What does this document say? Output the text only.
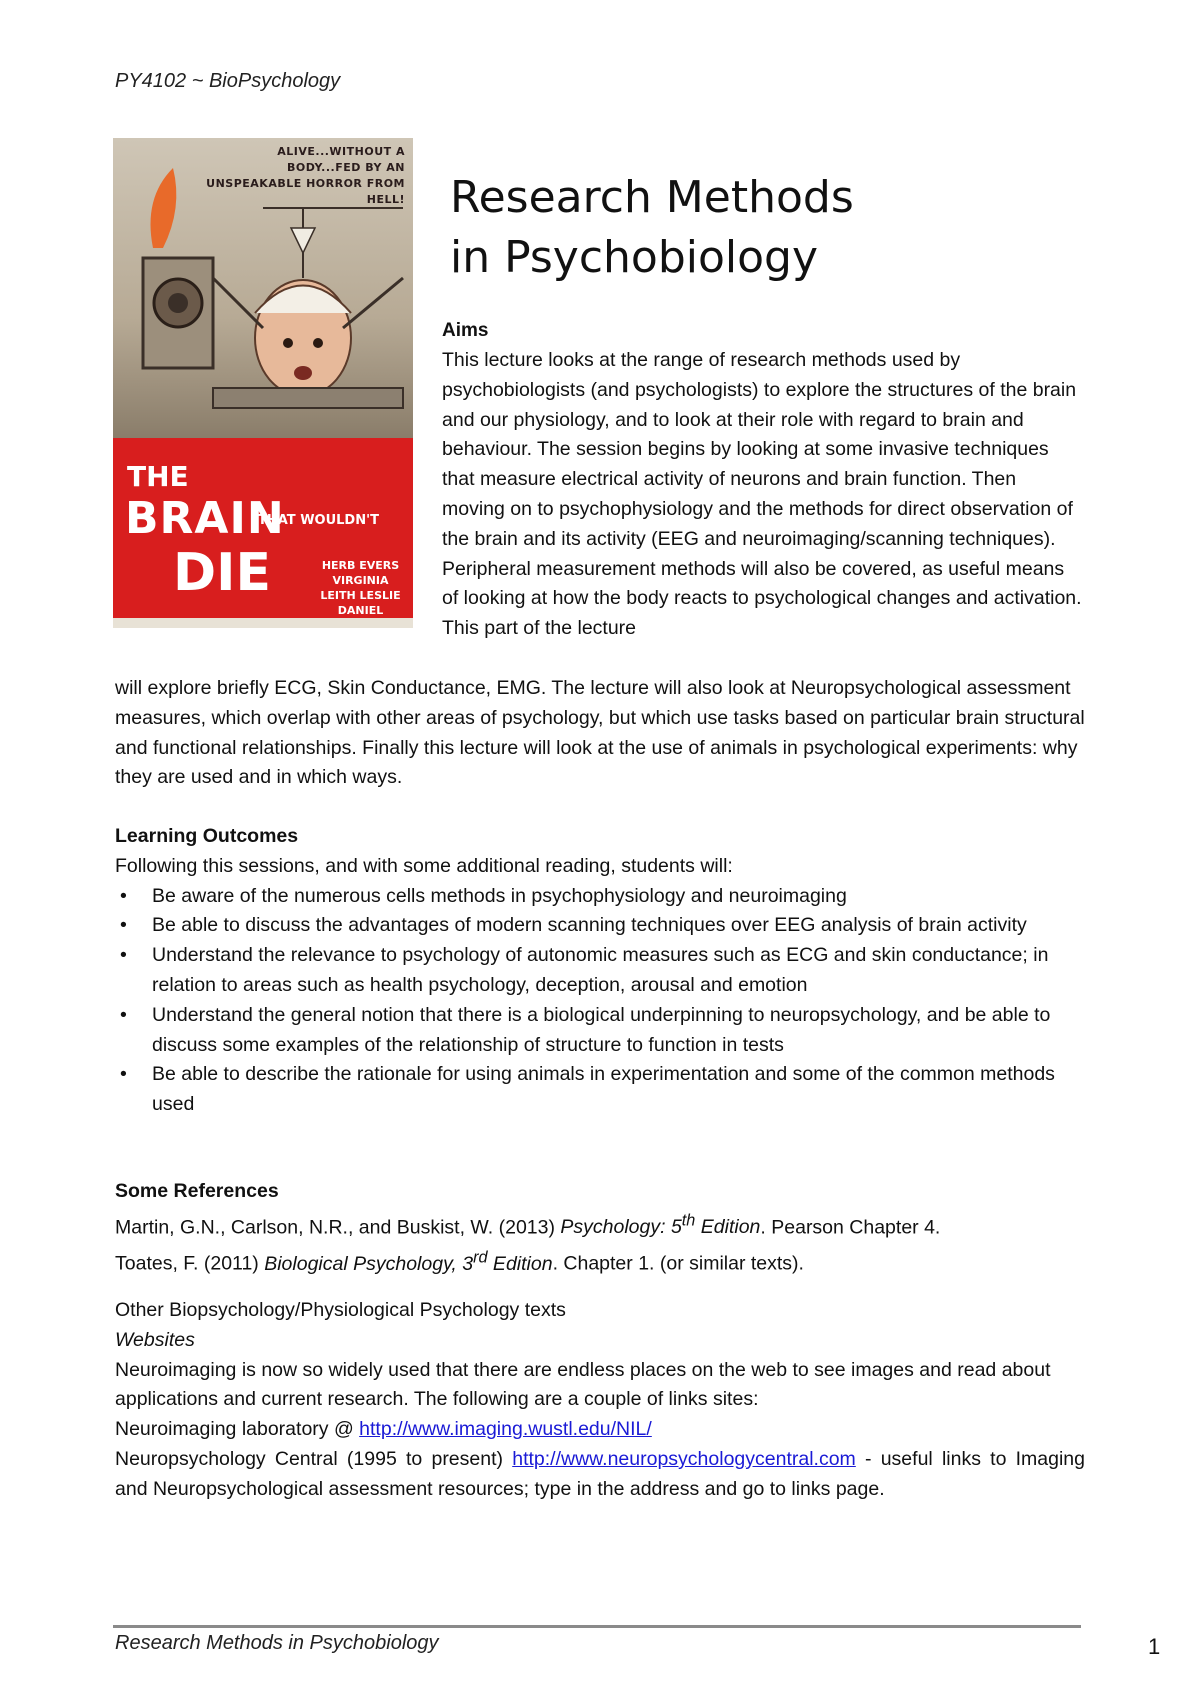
PY4102 ~ BioPsychology
ALIVE...WITHOUT A BODY...FED BY AN UNSPEAKABLE HORROR FROM HELL!
THE
BRAIN
THAT WOULDN'T
DIE	HERB EVERS VIRGINIA LEITH LESLIE DANIEL
Research Methods
in Psychobiology
Aims
This lecture looks at the range of research methods used by psychobiologists (and psychologists) to explore the structures of the brain and our physiology, and to look at their role with regard to brain and behaviour. The session begins by looking at some invasive techniques that measure electrical activity of neurons and brain function. Then moving on to psychophysiology and the methods for direct observation of the brain and its activity (EEG and neuroimaging/scanning techniques). Peripheral measurement methods will also be covered, as useful means of looking at how the body reacts to psychological changes and activation. This part of the lecture
will explore briefly ECG, Skin Conductance, EMG. The lecture will also look at Neuropsychological assessment measures, which overlap with other areas of psychology, but which use tasks based on particular brain structural and functional relationships. Finally this lecture will look at the use of animals in psychological experiments: why they are used and in which ways.
Learning Outcomes
Following this sessions, and with some additional reading, students will:
• Be aware of the numerous cells methods in psychophysiology and neuroimaging
• Be able to discuss the advantages of modern scanning techniques over EEG analysis of brain activity
• Understand the relevance to psychology of autonomic measures such as ECG and skin conductance; in relation to areas such as health psychology, deception, arousal and emotion
• Understand the general notion that there is a biological underpinning to neuropsychology, and be able to discuss some examples of the relationship of structure to function in tests
• Be able to describe the rationale for using animals in experimentation and some of the common methods used
Some References
Martin, G.N., Carlson, N.R., and Buskist, W. (2013) Psychology: 5th Edition. Pearson Chapter 4.
Toates, F. (2011) Biological Psychology, 3rd Edition. Chapter 1. (or similar texts).
Other Biopsychology/Physiological Psychology texts
Websites
Neuroimaging is now so widely used that there are endless places on the web to see images and read about applications and current research. The following are a couple of links sites:
Neuroimaging laboratory @ http://www.imaging.wustl.edu/NIL/
Neuropsychology Central (1995 to present) http://www.neuropsychologycentral.com - useful links to Imaging and Neuropsychological assessment resources; type in the address and go to links page.
Research Methods in Psychobiology	1
